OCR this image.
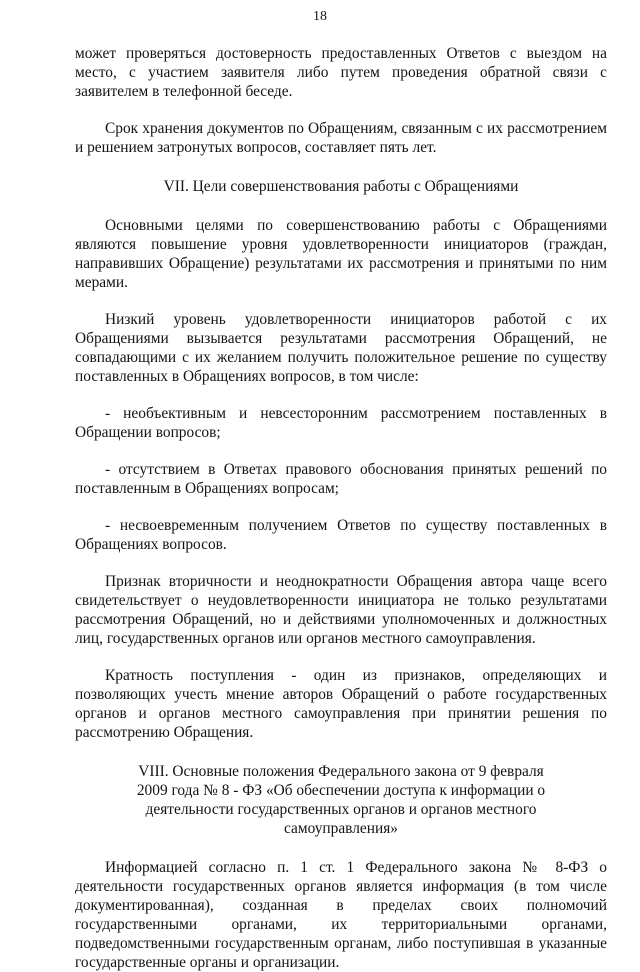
18

может проверяться достоверность предоставленных Ответов с выездом на место, с участием заявителя либо путем проведения обратной связи с заявителем в телефонной беседе.

Срок хранения документов по Обращениям, связанным с их рассмотрением и решением затронутых вопросов, составляет пять лет.

VII. Цели совершенствования работы с Обращениями

Основными целями по совершенствованию работы с Обращениями являются повышение уровня удовлетворенности инициаторов (граждан, направивших Обращение) результатами их рассмотрения и принятыми по ним мерами.

Низкий уровень удовлетворенности инициаторов работой с их Обращениями вызывается результатами рассмотрения Обращений, не совпадающими с их желанием получить положительное решение по существу поставленных в Обращениях вопросов, в том числе:

- необъективным и невсесторонним рассмотрением поставленных в Обращении вопросов;

- отсутствием в Ответах правового обоснования принятых решений по поставленным в Обращениях вопросам;

- несвоевременным получением Ответов по существу поставленных в Обращениях вопросов.

Признак вторичности и неоднократности Обращения автора чаще всего свидетельствует о неудовлетворенности инициатора не только результатами рассмотрения Обращений, но и действиями уполномоченных и должностных лиц, государственных органов или органов местного самоуправления.

Кратность поступления - один из признаков, определяющих и позволяющих учесть мнение авторов Обращений о работе государственных органов и органов местного самоуправления при принятии решения по рассмотрению Обращения.

VIII. Основные положения Федерального закона от 9 февраля 2009 года № 8 - ФЗ «Об обеспечении доступа к информации о деятельности государственных органов и органов местного самоуправления»

Информацией согласно п. 1 ст. 1 Федерального закона № 8-ФЗ о деятельности государственных органов является информация (в том числе документированная), созданная в пределах своих полномочий государственными органами, их территориальными органами, подведомственными государственным органам, либо поступившая в указанные государственные органы и организации.
